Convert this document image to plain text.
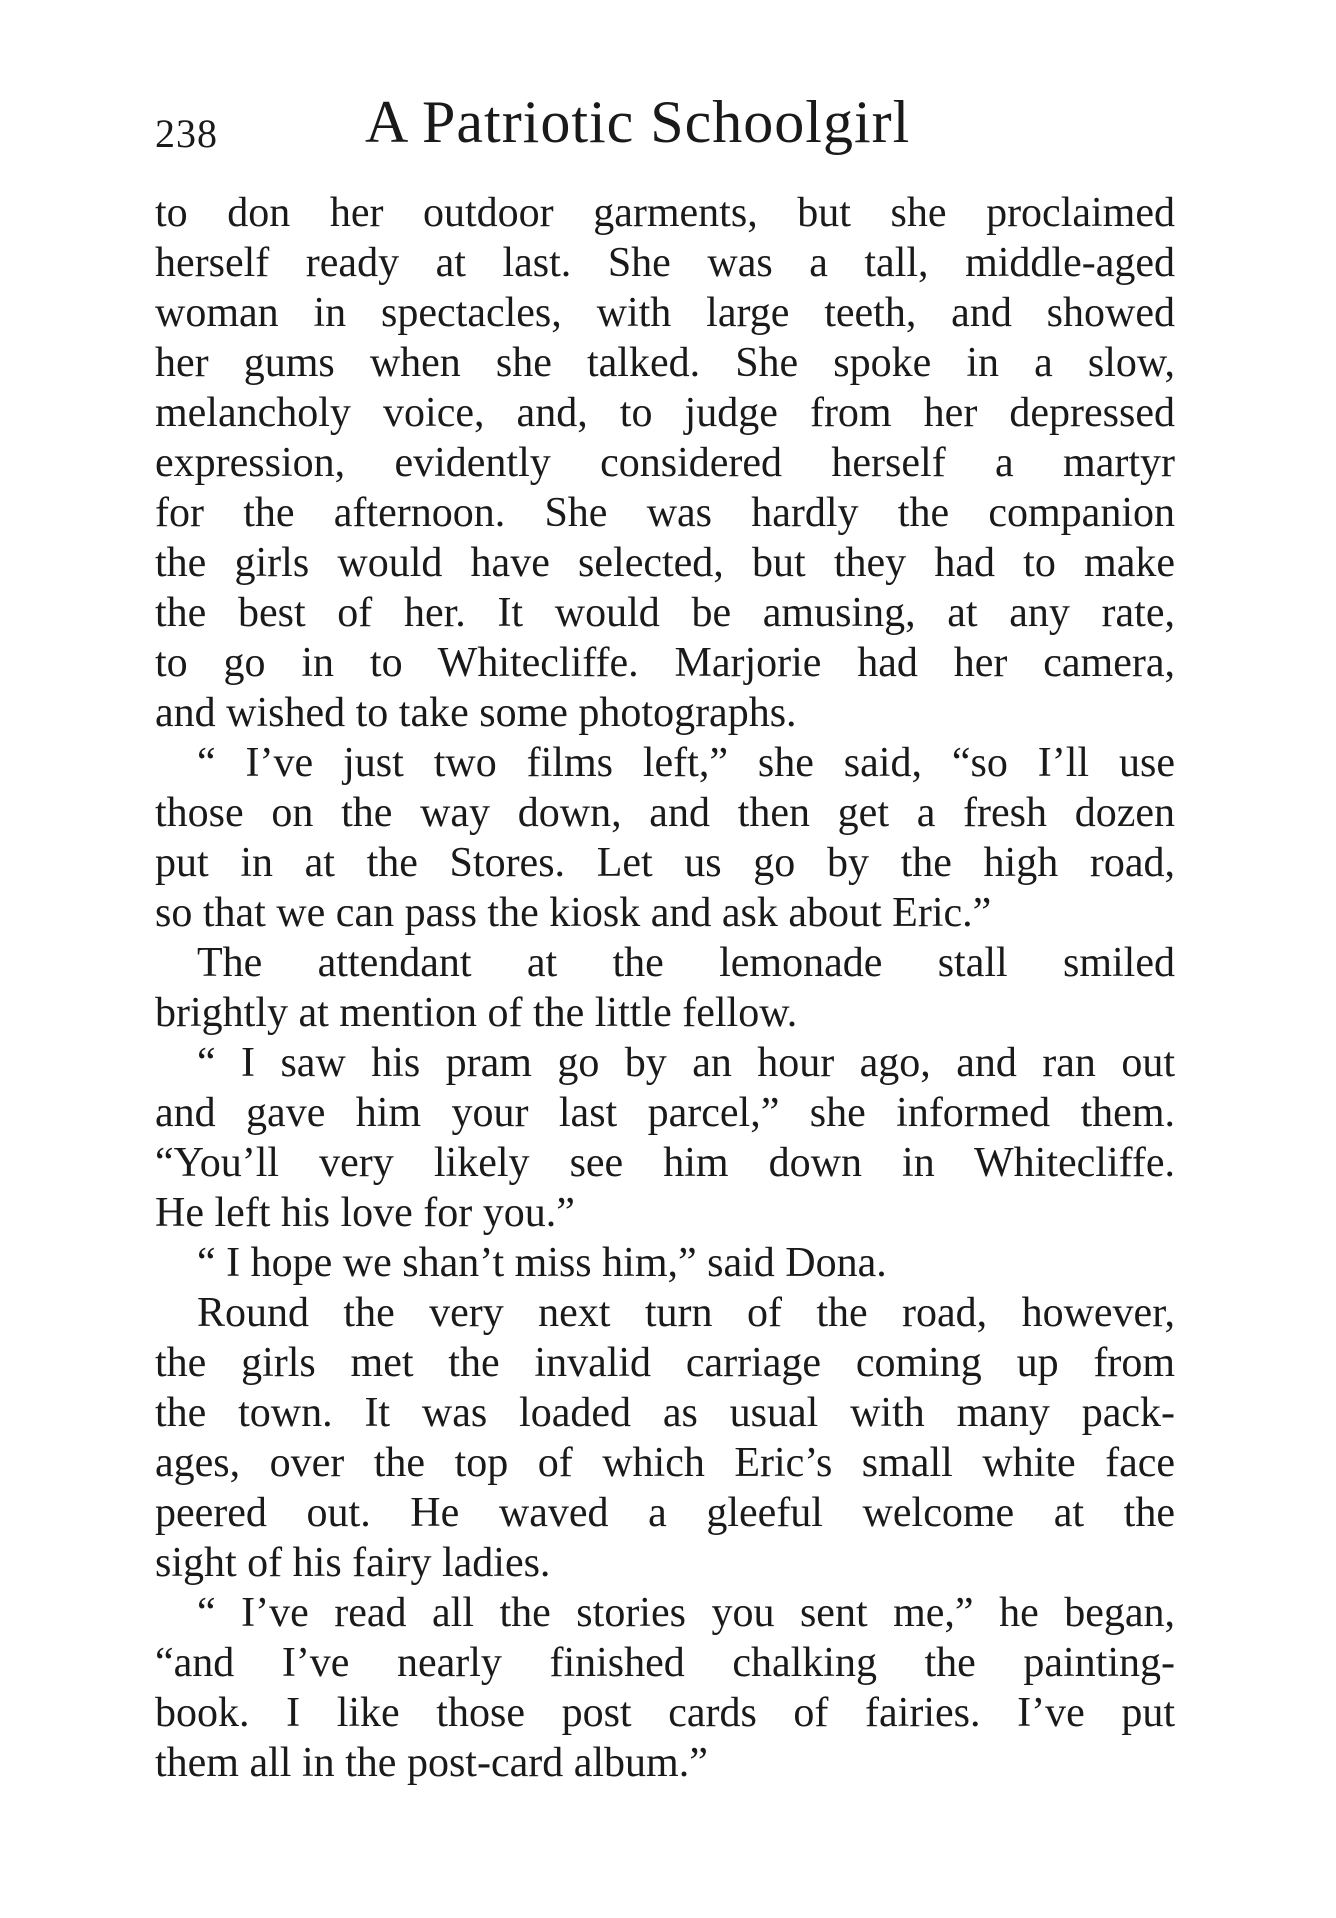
238 A Patriotic Schoolgirl
to don her outdoor garments, but she proclaimed
herself ready at last. She was a tall, middle-aged
woman in spectacles, with large teeth, and showed
her gums when she talked. She spoke in a slow,
melancholy voice, and, to judge from her depressed
expression, evidently considered herself a martyr
for the afternoon. She was hardly the companion
the girls would have selected, but they had to make
the best of her. It would be amusing, at any rate,
to go in to Whitecliffe. Marjorie had her camera,
and wished to take some photographs.
“ I’ve just two films left,” she said, “so I’ll use
those on the way down, and then get a fresh dozen
put in at the Stores. Let us go by the high road,
so that we can pass the kiosk and ask about Eric.”
The attendant at the lemonade stall smiled
brightly at mention of the little fellow.
“ I saw his pram go by an hour ago, and ran out
and gave him your last parcel,” she informed them.
“You’ll very likely see him down in Whitecliffe.
He left his love for you.”
“ I hope we shan’t miss him,” said Dona.
Round the very next turn of the road, however,
the girls met the invalid carriage coming up from
the town. It was loaded as usual with many pack-
ages, over the top of which Eric’s small white face
peered out. He waved a gleeful welcome at the
sight of his fairy ladies.
“ I’ve read all the stories you sent me,” he began,
“and I’ve nearly finished chalking the painting-
book. I like those post cards of fairies. I’ve put
them all in the post-card album.”
